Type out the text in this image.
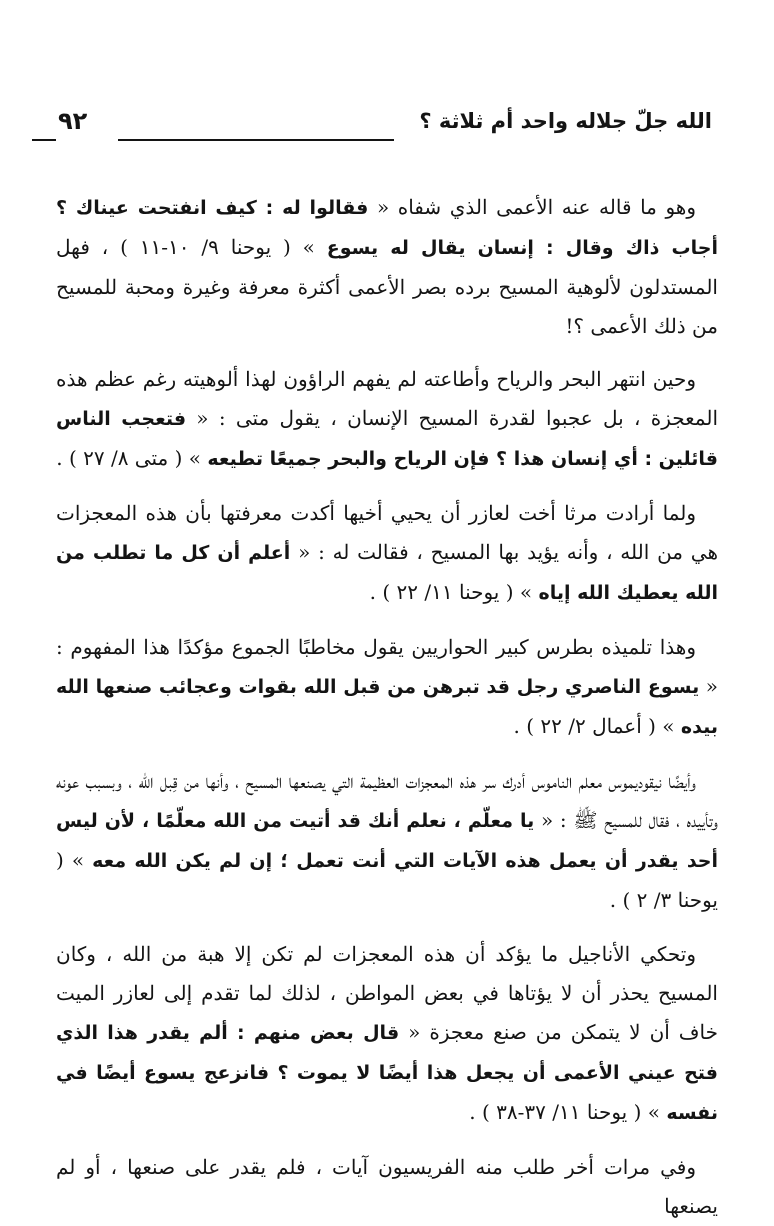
الله جلّ جلاله واحد أم ثلاثة ؟
٩٢

وهو ما قاله عنه الأعمى الذي شفاه « فقالوا له : كيف انفتحت عيناك ؟ أجاب ذاك وقال : إنسان يقال له يسوع » ( يوحنا ٩/ ١٠-١١ ) ، فهل المستدلون لألوهية المسيح برده بصر الأعمى أكثرة معرفة وغيرة ومحبة للمسيح من ذلك الأعمى ؟!

وحين انتهر البحر والرياح وأطاعته لم يفهم الراؤون لهذا ألوهيته رغم عظم هذه المعجزة ، بل عجبوا لقدرة المسيح الإنسان ، يقول متى : « فتعجب الناس قائلين : أي إنسان هذا ؟ فإن الرياح والبحر جميعًا تطيعه » ( متى ٨/ ٢٧ ) .

ولما أرادت مرثا أخت لعازر أن يحيي أخيها أكدت معرفتها بأن هذه المعجزات هي من الله ، وأنه يؤيد بها المسيح ، فقالت له : « أعلم أن كل ما تطلب من الله يعطيك الله إياه » ( يوحنا ١١/ ٢٢ ) .

وهذا تلميذه بطرس كبير الحواريين يقول مخاطبًا الجموع مؤكدًا هذا المفهوم : « يسوع الناصري رجل قد تبرهن من قبل الله بقوات وعجائب صنعها الله بيده » ( أعمال ٢/ ٢٢ ) .

وأيضًا نيقوديموس معلم الناموس أدرك سر هذه المعجزات العظيمة التي يصنعها المسيح ، وأنها من قِبل الله ، وبسبب عونه وتأييده ، فقال للمسيح ﷺ : « يا معلّم ، نعلم أنك قد أتيت من الله معلّمًا ، لأن ليس أحد يقدر أن يعمل هذه الآيات التي أنت تعمل ؛ إن لم يكن الله معه » ( يوحنا ٣/ ٢ ) .

وتحكي الأناجيل ما يؤكد أن هذه المعجزات لم تكن إلا هبة من الله ، وكان المسيح يحذر أن لا يؤتاها في بعض المواطن ، لذلك لما تقدم إلى لعازر الميت خاف أن لا يتمكن من صنع معجزة « قال بعض منهم : ألم يقدر هذا الذي فتح عيني الأعمى أن يجعل هذا أيضًا لا يموت ؟ فانزعج يسوع أيضًا في نفسه » ( يوحنا ١١/ ٣٧-٣٨ ) .

وفي مرات أخر طلب منه الفريسيون آيات ، فلم يقدر على صنعها ، أو لم يصنعها
